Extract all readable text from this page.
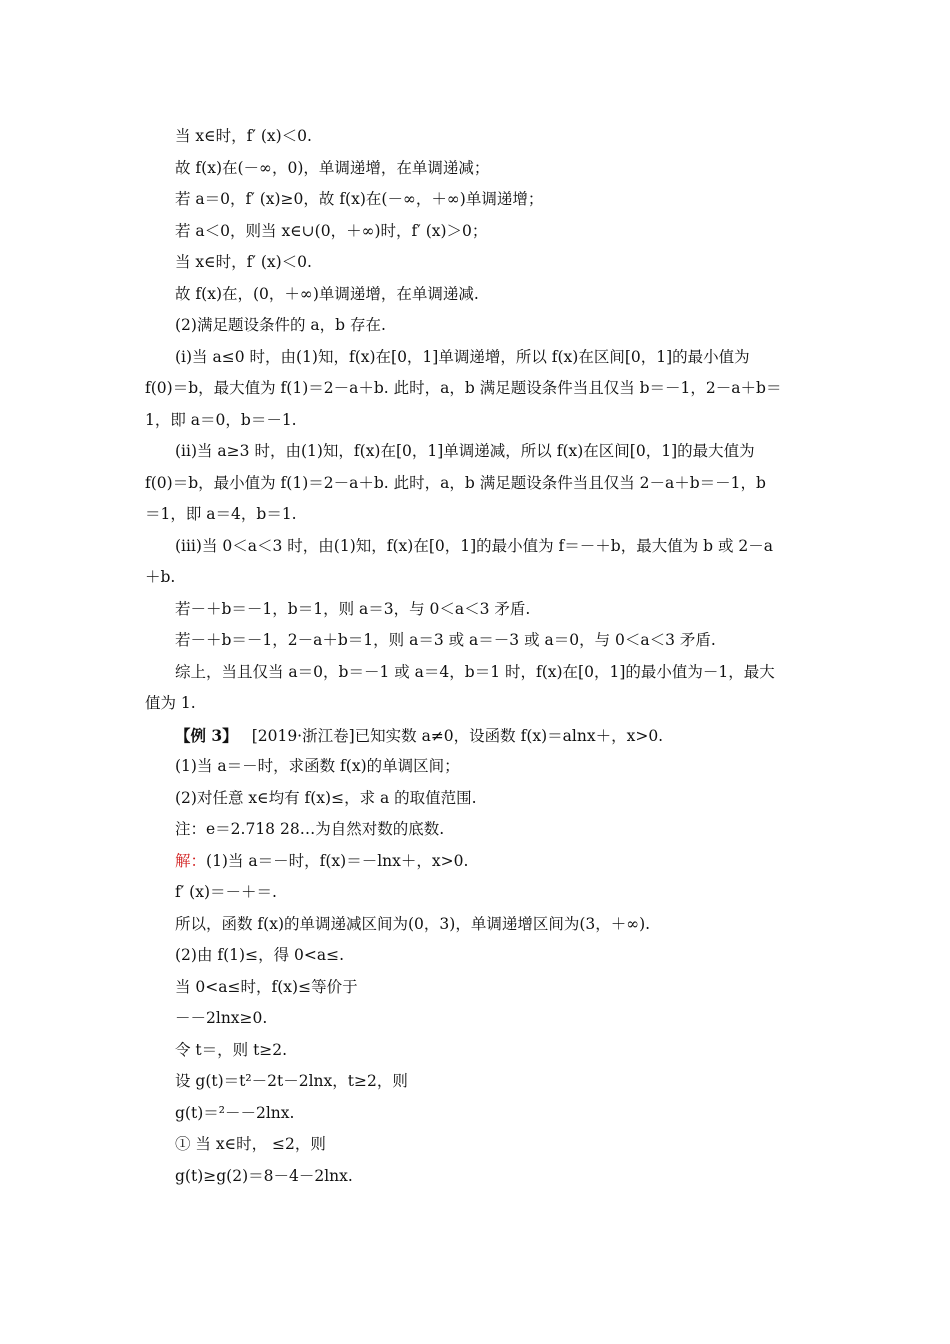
当 x∈时，f′ (x)＜0.
故 f(x)在(－∞，0)，单调递增，在单调递减；
若 a＝0，f′ (x)≥0，故 f(x)在(－∞，＋∞)单调递增；
若 a＜0，则当 x∈∪(0，＋∞)时，f′ (x)＞0；
当 x∈时，f′ (x)＜0.
故 f(x)在，(0，＋∞)单调递增，在单调递减.
(2)满足题设条件的 a，b 存在.
(ⅰ)当 a≤0 时，由(1)知，f(x)在[0，1]单调递增，所以 f(x)在区间[0，1]的最小值为
f(0)＝b，最大值为 f(1)＝2－a＋b. 此时，a，b 满足题设条件当且仅当 b＝－1，2－a＋b＝
1，即 a＝0，b＝－1.
(ⅱ)当 a≥3 时，由(1)知，f(x)在[0，1]单调递减，所以 f(x)在区间[0，1]的最大值为
f(0)＝b，最小值为 f(1)＝2－a＋b. 此时，a，b 满足题设条件当且仅当 2－a＋b＝－1，b
＝1，即 a＝4，b＝1.
(ⅲ)当 0＜a＜3 时，由(1)知，f(x)在[0，1]的最小值为 f＝－＋b，最大值为 b 或 2－a
＋b.
若－＋b＝－1，b＝1，则 a＝3，与 0＜a＜3 矛盾.
若－＋b＝－1，2－a＋b＝1，则 a＝3 或 a＝－3 或 a＝0，与 0＜a＜3 矛盾.
综上，当且仅当 a＝0，b＝－1 或 a＝4，b＝1 时，f(x)在[0，1]的最小值为－1，最大
值为 1.
【例 3】 [2019·浙江卷]已知实数 a≠0，设函数 f(x)＝alnx＋，x>0.
(1)当 a＝－时，求函数 f(x)的单调区间；
(2)对任意 x∈均有 f(x)≤，求 a 的取值范围.
注：e＝2.718 28…为自然对数的底数.
解：(1)当 a＝－时，f(x)＝－lnx＋，x>0.
f′ (x)＝－＋＝.
所以，函数 f(x)的单调递减区间为(0，3)，单调递增区间为(3，＋∞).
(2)由 f(1)≤，得 0<a≤.
当 0<a≤时，f(x)≤等价于
－－2lnx≥0.
令 t＝，则 t≥2.
设 g(t)＝t²－2t－2lnx，t≥2，则
g(t)＝²－－2lnx.
① 当 x∈时， ≤2，则
g(t)≥g(2)＝8－4－2lnx.
